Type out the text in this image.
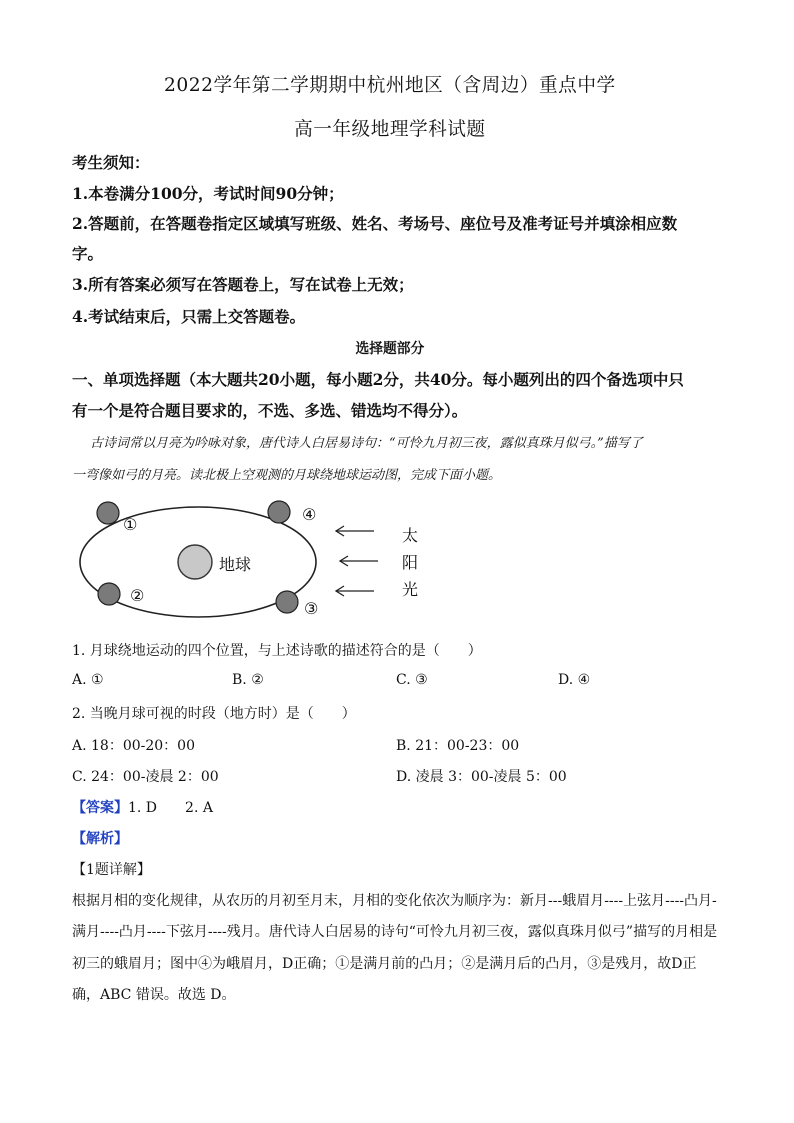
2022学年第二学期期中杭州地区（含周边）重点中学
高一年级地理学科试题
考生须知：
1.本卷满分100分，考试时间90分钟；
2.答题前，在答题卷指定区域填写班级、姓名、考场号、座位号及准考证号并填涂相应数
字。
3.所有答案必须写在答题卷上，写在试卷上无效；
4.考试结束后，只需上交答题卷。
选择题部分
一、单项选择题（本大题共20小题，每小题2分，共40分。每小题列出的四个备选项中只
有一个是符合题目要求的，不选、多选、错选均不得分）。
古诗词常以月亮为吟咏对象，唐代诗人白居易诗句：“可怜九月初三夜，露似真珠月似弓。”描写了
一弯像如弓的月亮。读北极上空观测的月球绕地球运动图，完成下面小题。
地球
①
②
③
④
太
阳
光
1. 月球绕地运动的四个位置，与上述诗歌的描述符合的是（　　）
A. ①	B. ②	C. ③	D. ④
2. 当晚月球可视的时段（地方时）是（　　）
A. 18：00-20：00	B. 21：00-23：00
C. 24：00-凌晨 2：00	D. 凌晨 3：00-凌晨 5：00
【答案】1. D　　2. A
【解析】
【1题详解】
根据月相的变化规律，从农历的月初至月末，月相的变化依次为顺序为：新月---蛾眉月----上弦月----凸月-
满月----凸月----下弦月----残月。唐代诗人白居易的诗句“可怜九月初三夜，露似真珠月似弓”描写的月相是
初三的蛾眉月；图中④为峨眉月，D正确；①是满月前的凸月；②是满月后的凸月，③是残月，故D正
确，ABC 错误。故选 D。
